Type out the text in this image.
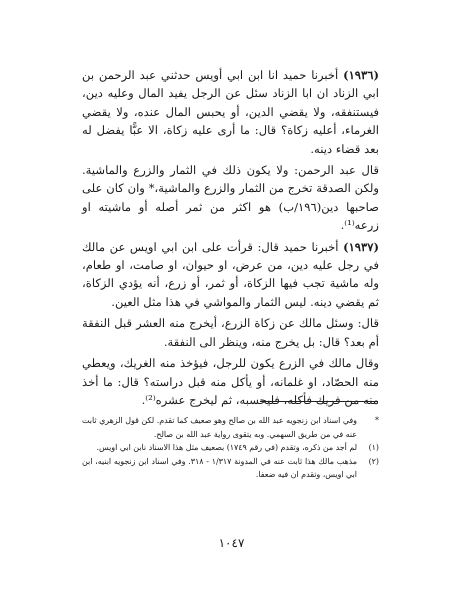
(١٩٣٦) أخبرنا حميد انا ابن ابي أويس حدثني عبد الرحمن بن ابي الزناد ان ابا الزناد سئل عن الرجل يفيد المال وعليه دين، فيستنفقه، ولا يقضي الدين، أو يحبس المال عنده، ولا يقضي الغرماء، أعليه زكاة؟ قال: ما أرى عليه زكاة، الا عبًّا يفضل له بعد قضاء دينه.

قال عبد الرحمن: ولا يكون ذلك في الثمار والزرع والماشية. ولكن الصدقة تخرج من الثمار والزرع والماشية،* وان كان على صاحبها دين(١٩٦/ب) هو اكثر من ثمر أصله أو ماشيته او زرعه⁽¹⁾.

(١٩٣٧) أخبرنا حميد قال: قرأت على ابن ابي اويس عن مالك في رجل عليه دين، من عرض، او حيوان، او صامت، او طعام، وله ماشية تجب فيها الزكاة، أو ثمر، أو زرع، أنه يؤدي الزكاة، ثم يقضي دينه. ليس الثمار والمواشي في هذا مثل العين.

قال: وسئل مالك عن زكاة الزرع، أيخرج منه العشر قبل النفقة أم بعد؟ قال: بل يخرج منه، وينظر الى النفقة.

وقال مالك في الزرع يكون للرجل، فيؤخذ منه الغريك، ويعطي منه الحصّاد، او غلمانه، أو يأكل منه قبل دراسته؟ قال: ما أخذ منه من فريك فأكله، فليحسبه، ثم ليخرج عشره⁽²⁾.

*
وفي اسناد ابن زنجويه عبد الله بن صالح وهو صعيف كما تقدم. لكن قول الزهري ثابت عنه في من طريق السهمي. وبه يتقوى رواية عبد الله بن صالح.
(١)
لم أجد من ذكره، وتقدم (في رقم ١٧٤٩) بصعيف مثل هذا الاسناد نابن ابي اويس.
(٢)
مذهب مالك هذا ثابت عنه في المدونة ١/٣١٧ - ٣١٨. وفي اسناد ابن زنجويه ابنيه، ابن ابي اويس، وتقدم ان فيه ضعفا.
١٠٤٧
